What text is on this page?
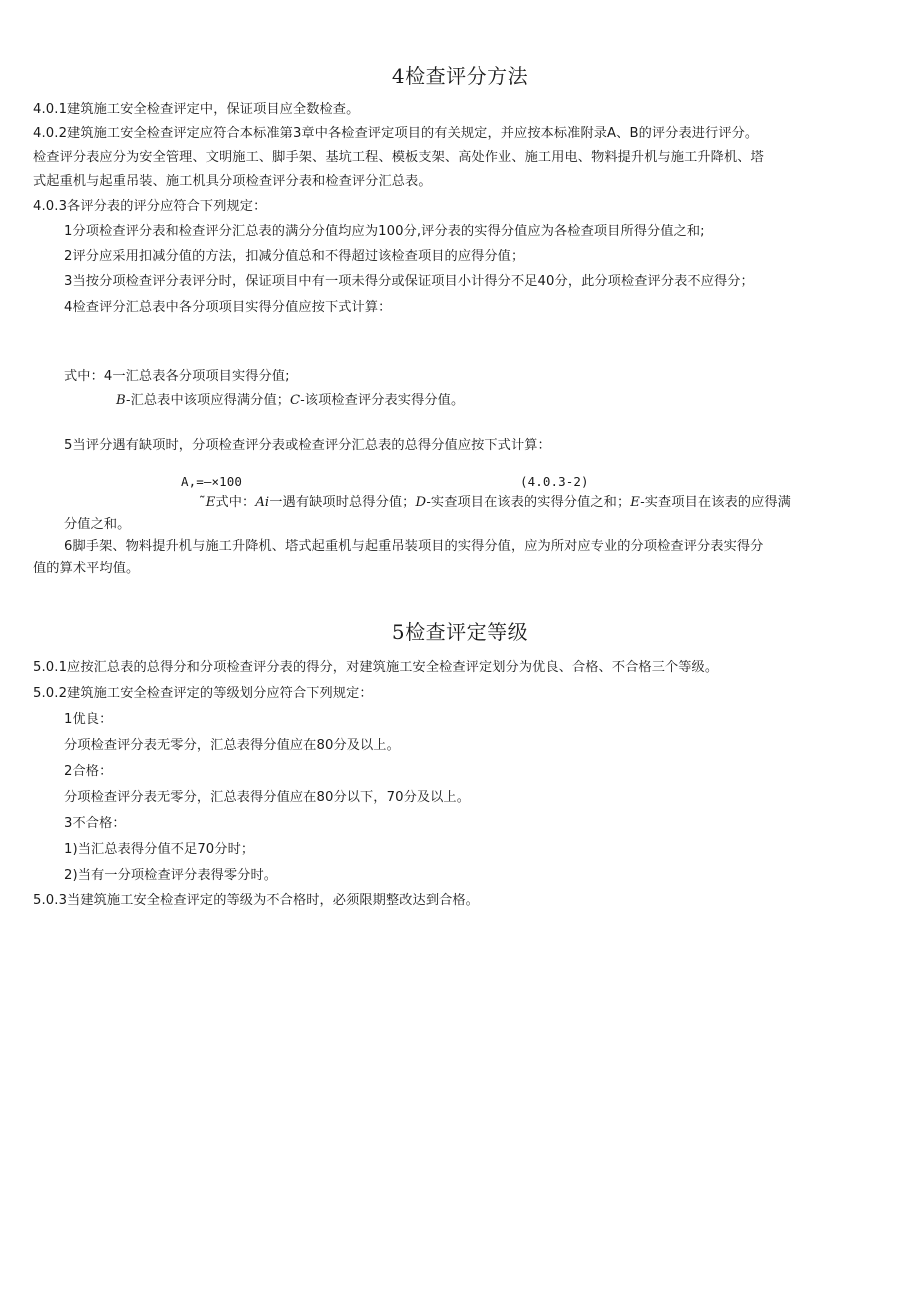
4检查评分方法
4.0.1建筑施工安全检查评定中，保证项目应全数检查。
4.0.2建筑施工安全检查评定应符合本标准第3章中各检查评定项目的有关规定，并应按本标准附录A、B的评分表进行评分。
检查评分表应分为安全管理、文明施工、脚手架、基坑工程、模板支架、高处作业、施工用电、物料提升机与施工升降机、塔
式起重机与起重吊装、施工机具分项检查评分表和检查评分汇总表。
4.0.3各评分表的评分应符合下列规定：
1分项检查评分表和检查评分汇总表的满分分值均应为100分,评分表的实得分值应为各检查项目所得分值之和;
2评分应采用扣减分值的方法，扣减分值总和不得超过该检查项目的应得分值；
3当按分项检查评分表评分时，保证项目中有一项未得分或保证项目小计得分不足40分，此分项检查评分表不应得分；
4检查评分汇总表中各分项项目实得分值应按下式计算：
式中：4一汇总表各分项项目实得分值;
B-汇总表中该项应得满分值；C-该项检查评分表实得分值。
5当评分遇有缺项时，分项检查评分表或检查评分汇总表的总得分值应按下式计算：
A,=—×100	(4.0.3-2)
˜E式中：Ai一遇有缺项时总得分值；D-实查项目在该表的实得分值之和；E-实查项目在该表的应得满
分值之和。
6脚手架、物料提升机与施工升降机、塔式起重机与起重吊装项目的实得分值，应为所对应专业的分项检查评分表实得分
值的算术平均值。
5检查评定等级
5.0.1应按汇总表的总得分和分项检查评分表的得分，对建筑施工安全检查评定划分为优良、合格、不合格三个等级。
5.0.2建筑施工安全检查评定的等级划分应符合下列规定：
1优良：
分项检查评分表无零分，汇总表得分值应在80分及以上。
2合格：
分项检查评分表无零分，汇总表得分值应在80分以下，70分及以上。
3不合格：
1)当汇总表得分值不足70分时；
2)当有一分项检查评分表得零分时。
5.0.3当建筑施工安全检查评定的等级为不合格时，必须限期整改达到合格。
